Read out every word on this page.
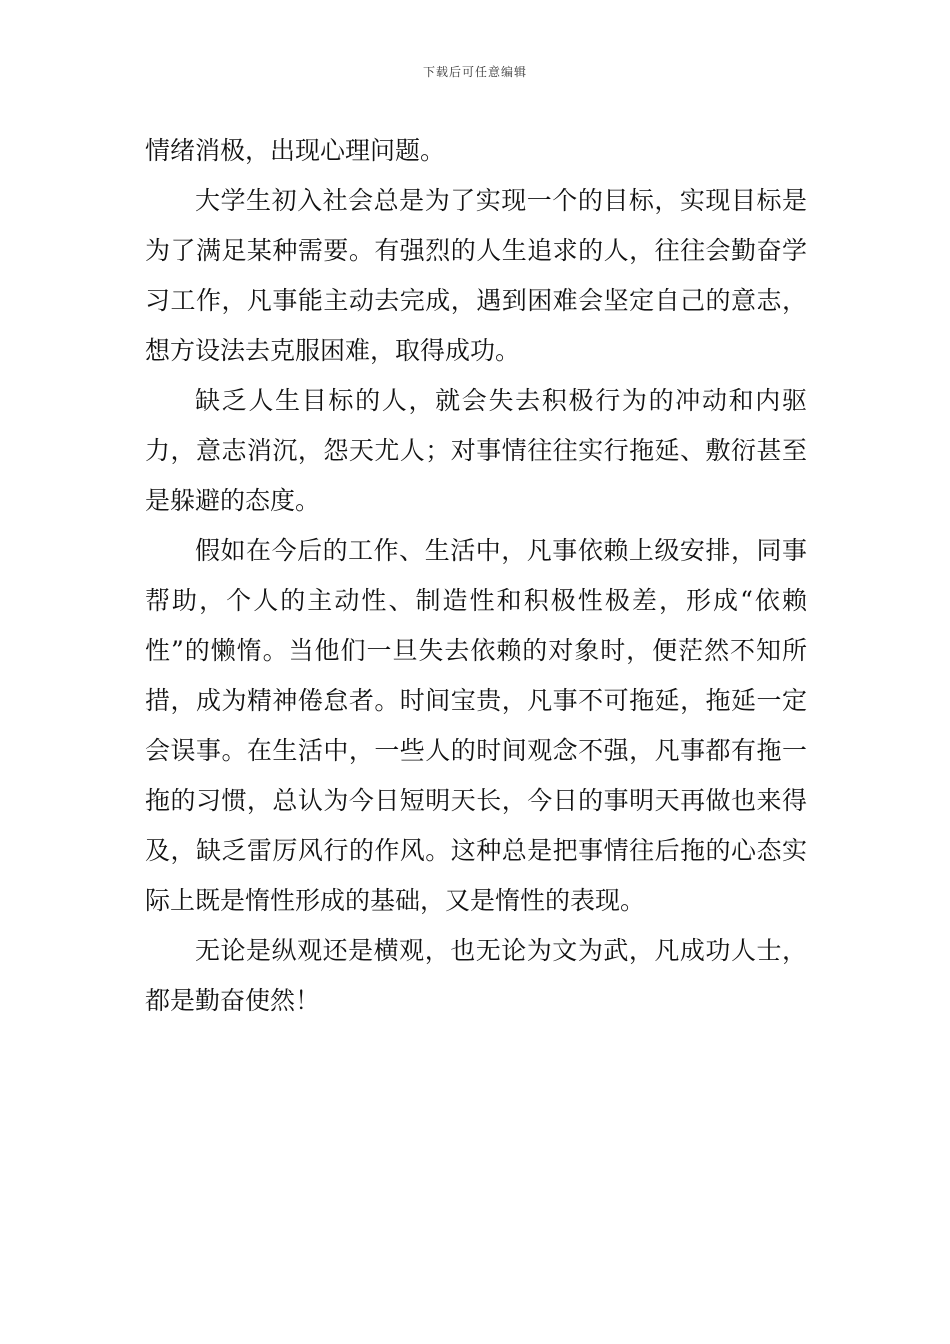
下载后可任意编辑

情绪消极，出现心理问题。

大学生初入社会总是为了实现一个的目标，实现目标是为了满足某种需要。有强烈的人生追求的人，往往会勤奋学习工作，凡事能主动去完成，遇到困难会坚定自己的意志，想方设法去克服困难，取得成功。

缺乏人生目标的人，就会失去积极行为的冲动和内驱力，意志消沉，怨天尤人；对事情往往实行拖延、敷衍甚至是躲避的态度。

假如在今后的工作、生活中，凡事依赖上级安排，同事帮助，个人的主动性、制造性和积极性极差，形成“依赖性”的懒惰。当他们一旦失去依赖的对象时，便茫然不知所措，成为精神倦怠者。时间宝贵，凡事不可拖延，拖延一定会误事。在生活中，一些人的时间观念不强，凡事都有拖一拖的习惯，总认为今日短明天长，今日的事明天再做也来得及，缺乏雷厉风行的作风。这种总是把事情往后拖的心态实际上既是惰性形成的基础，又是惰性的表现。

无论是纵观还是横观，也无论为文为武，凡成功人士，都是勤奋使然！
